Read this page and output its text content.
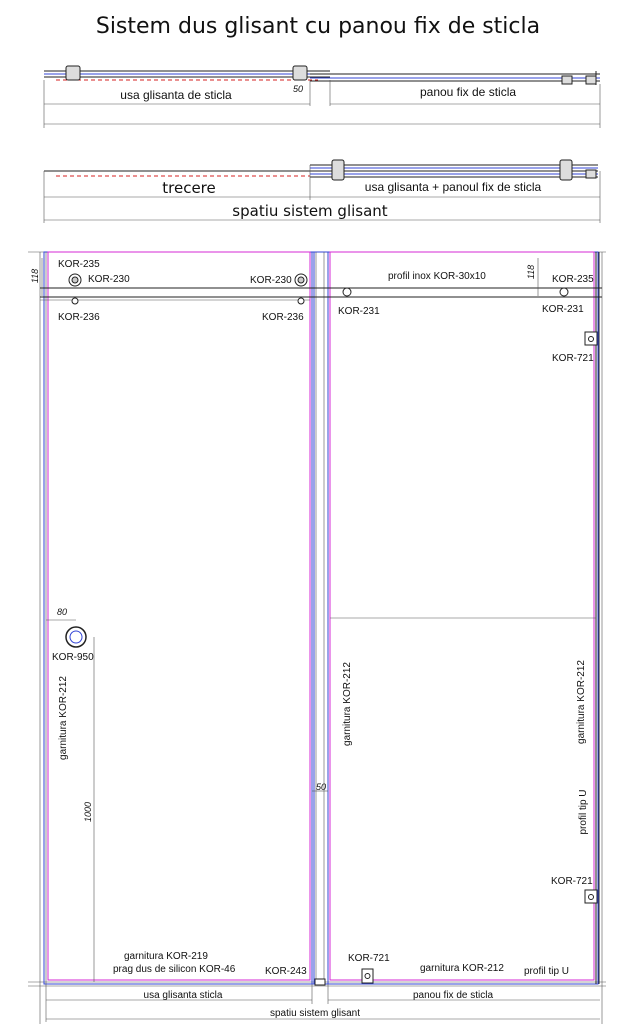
Sistem dus glisant cu panou fix de sticla
usa glisanta de sticla	panou fix de sticla
50
trecere	usa glisanta + panoul fix de sticla
spatiu sistem glisant
KOR-235
KOR-230
KOR-236
KOR-230
KOR-236
profil inox KOR-30x10
KOR-231	KOR-231
KOR-235
118	118
KOR-721
80
KOR-950
1000
garnitura KOR-212	garnitura KOR-212	garnitura KOR-212
profil tip U
50
KOR-721
garnitura KOR-219
prag dus de silicon KOR-46	KOR-243
KOR-721
garnitura KOR-212 profil tip U
usa glisanta sticla	panou fix de sticla
spatiu sistem glisant
